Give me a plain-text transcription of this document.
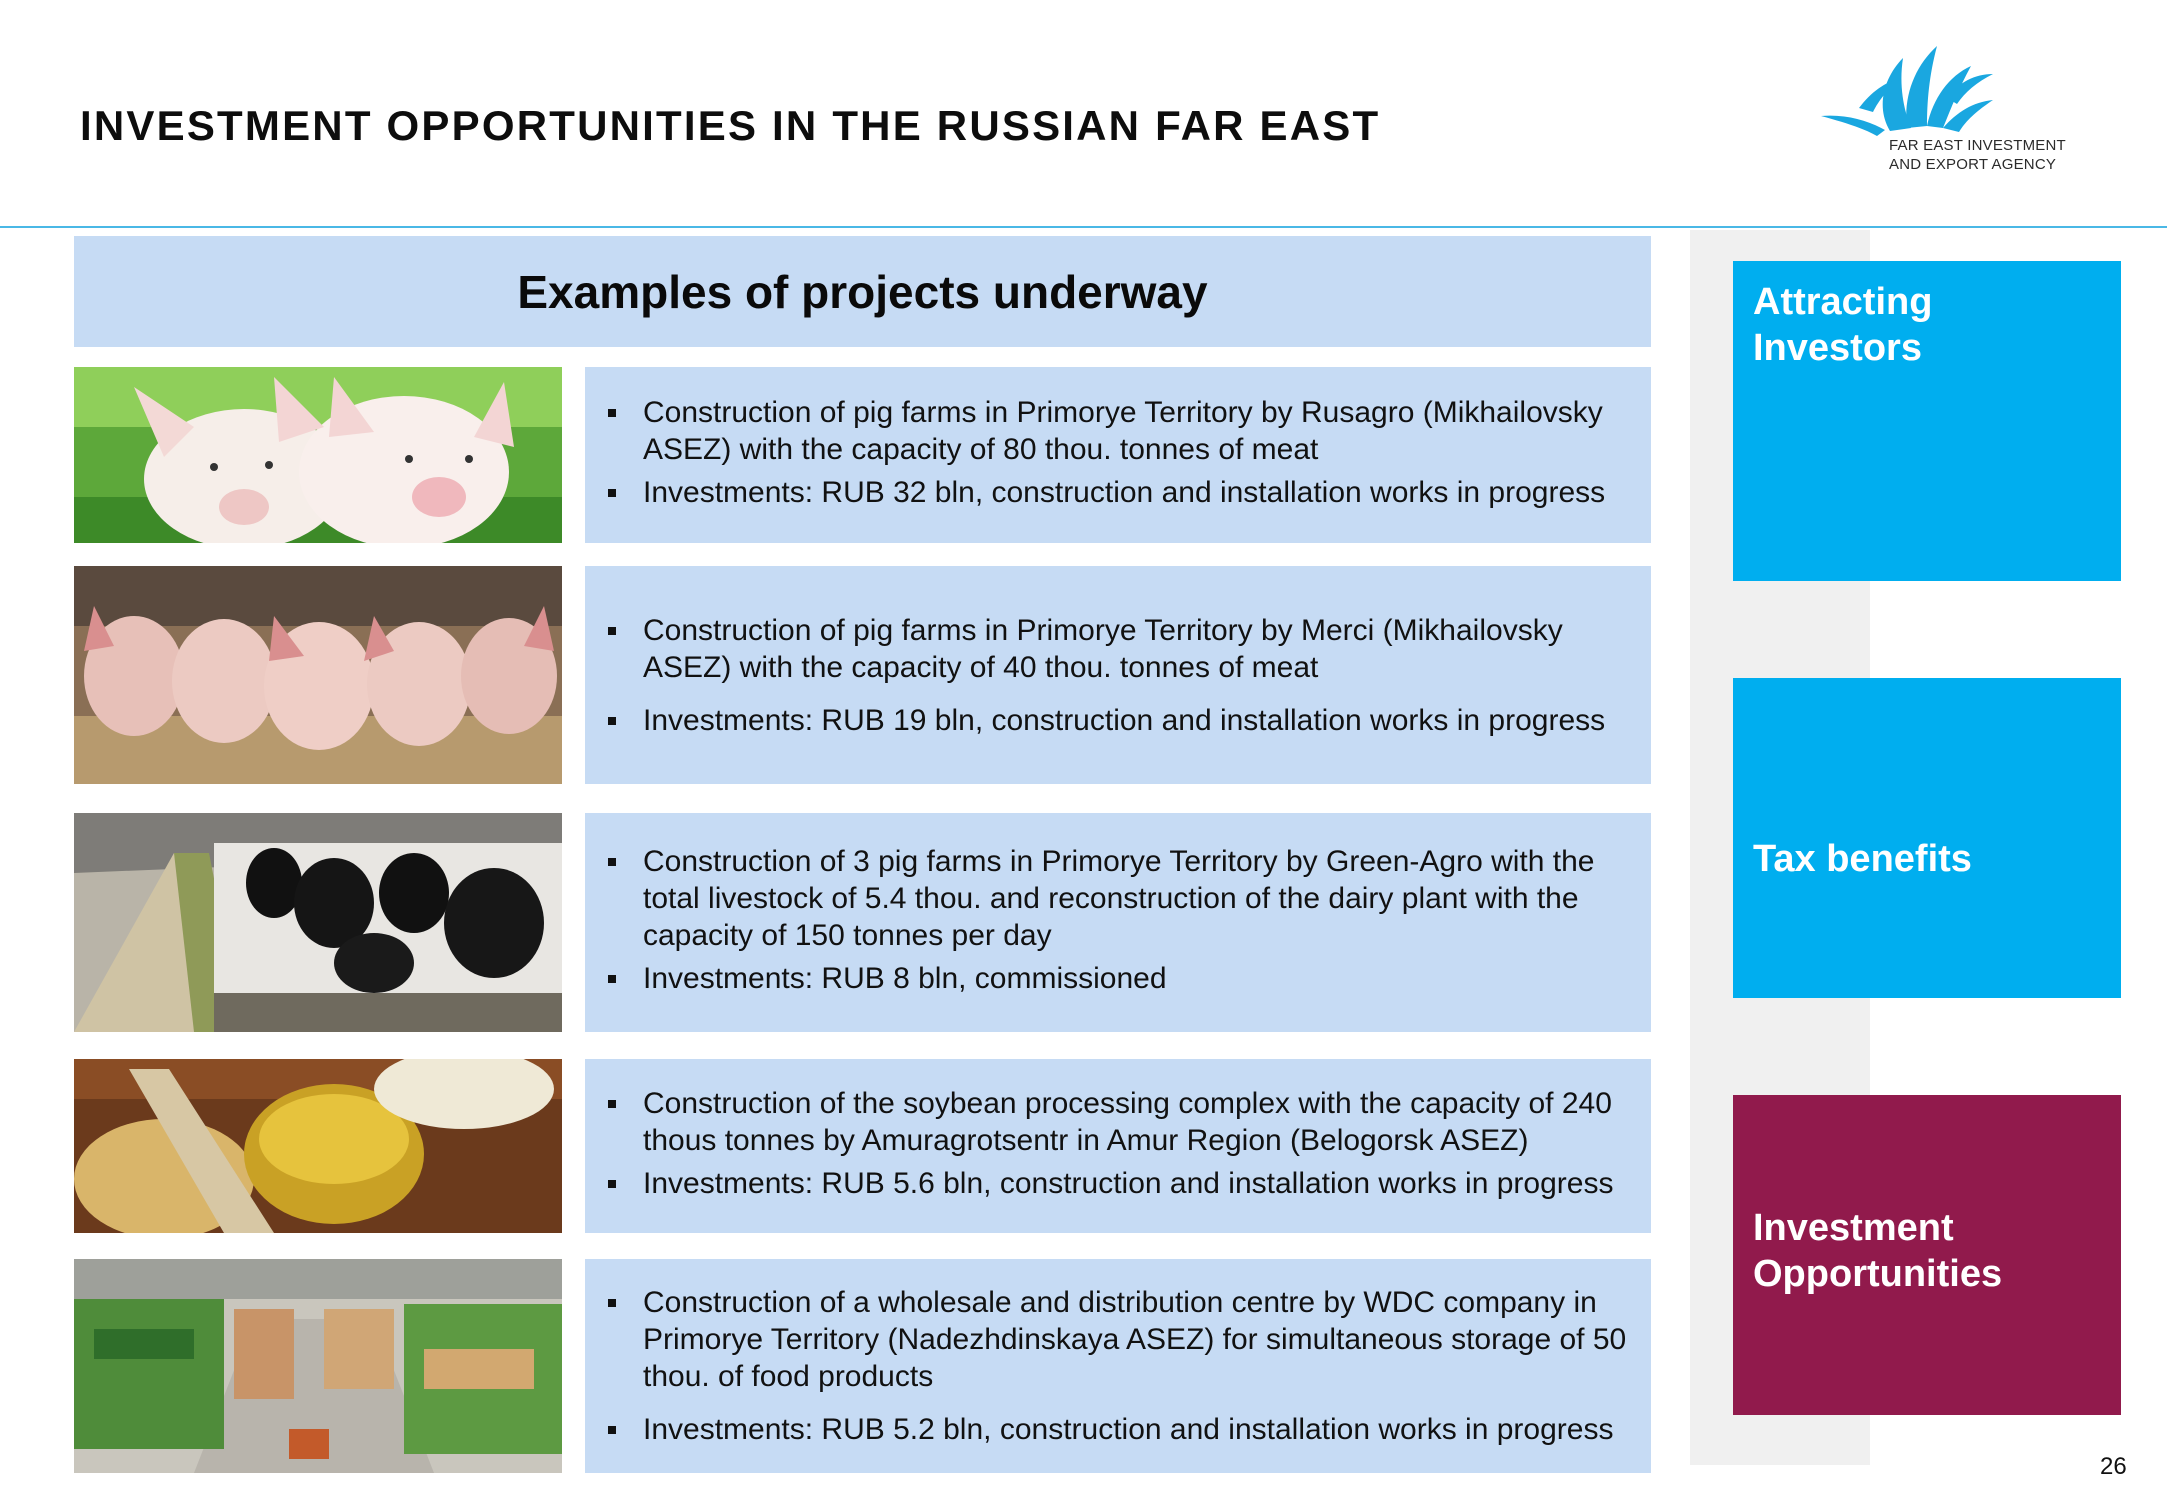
INVESTMENT OPPORTUNITIES IN THE RUSSIAN FAR EAST	FAR EAST INVESTMENT
AND EXPORT AGENCY
Examples of projects underway
Construction of pig farms in Primorye Territory by Rusagro (Mikhailovsky ASEZ) with the capacity of 80 thou. tonnes of meat
Investments: RUB 32 bln, construction and installation works in progress
Construction of pig farms in Primorye Territory by Merci (Mikhailovsky ASEZ) with the capacity of 40 thou. tonnes of meat
Investments: RUB 19 bln, construction and installation works in progress
Construction of 3 pig farms in Primorye Territory by Green-Agro with the total livestock of 5.4 thou. and reconstruction of the dairy plant with the capacity of 150 tonnes per day
Investments: RUB 8 bln, commissioned
Construction of the soybean processing complex with the capacity of 240 thous tonnes by Amuragrotsentr in Amur Region (Belogorsk ASEZ)
Investments: RUB 5.6 bln, construction and installation works in progress
Construction of a wholesale and distribution centre by WDC company in Primorye Territory (Nadezhdinskaya ASEZ) for simultaneous storage of 50 thou. of food products
Investments: RUB 5.2 bln, construction and installation works in progress
Attracting Investors
Tax benefits
Investment Opportunities
26
